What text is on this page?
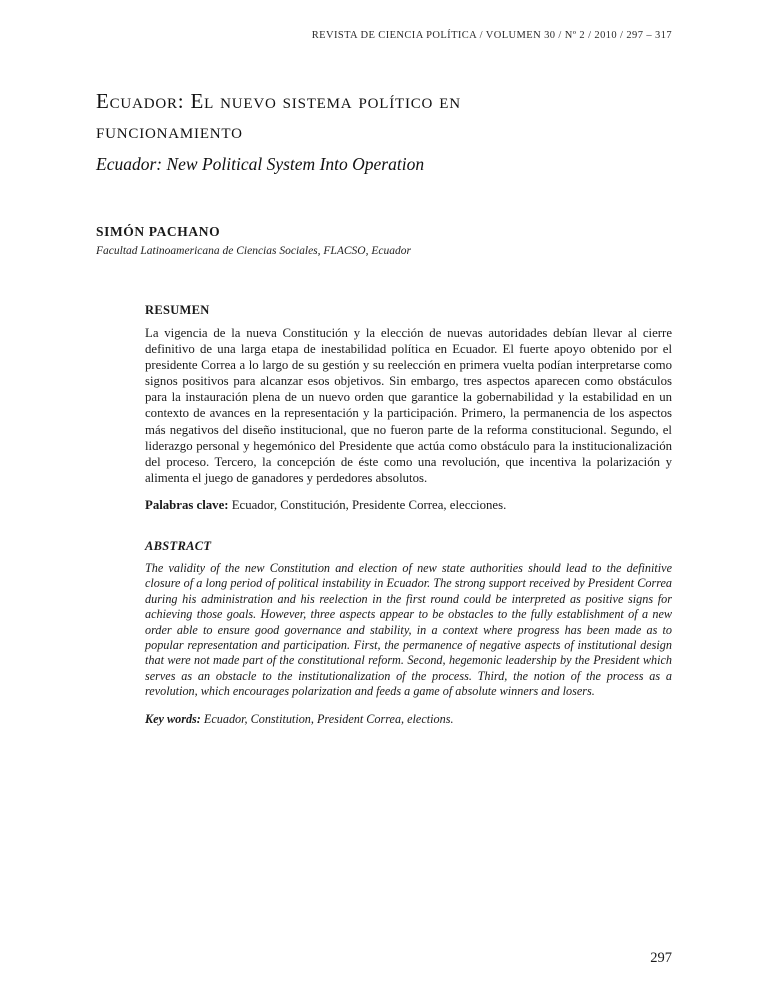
REVISTA DE CIENCIA POLÍTICA / VOLUMEN 30 / Nº 2 / 2010 / 297 – 317
Ecuador: El nuevo sistema político en funcionamiento
Ecuador: New Political System Into Operation
SIMÓN PACHANO
Facultad Latinoamericana de Ciencias Sociales, FLACSO, Ecuador
RESUMEN
La vigencia de la nueva Constitución y la elección de nuevas autoridades debían llevar al cierre definitivo de una larga etapa de inestabilidad política en Ecuador. El fuerte apoyo obtenido por el presidente Correa a lo largo de su gestión y su reelección en primera vuelta podían interpretarse como signos positivos para alcanzar esos objetivos. Sin embargo, tres aspectos aparecen como obstáculos para la instauración plena de un nuevo orden que garantice la gobernabilidad y la estabilidad en un contexto de avances en la representación y la participación. Primero, la permanencia de los aspectos más negativos del diseño institucional, que no fueron parte de la reforma constitucional. Segundo, el liderazgo personal y hegemónico del Presidente que actúa como obstáculo para la institucionalización del proceso. Tercero, la concepción de éste como una revolución, que incentiva la polarización y alimenta el juego de ganadores y perdedores absolutos.
Palabras clave: Ecuador, Constitución, Presidente Correa, elecciones.
ABSTRACT
The validity of the new Constitution and election of new state authorities should lead to the definitive closure of a long period of political instability in Ecuador. The strong support received by President Correa during his administration and his reelection in the first round could be interpreted as positive signs for achieving those goals. However, three aspects appear to be obstacles to the fully establishment of a new order able to ensure good governance and stability, in a context where progress has been made as to popular representation and participation. First, the permanence of negative aspects of institutional design that were not made part of the constitutional reform. Second, hegemonic leadership by the President which serves as an obstacle to the institutionalization of the process. Third, the notion of the process as a revolution, which encourages polarization and feeds a game of absolute winners and losers.
Key words: Ecuador, Constitution, President Correa, elections.
297
